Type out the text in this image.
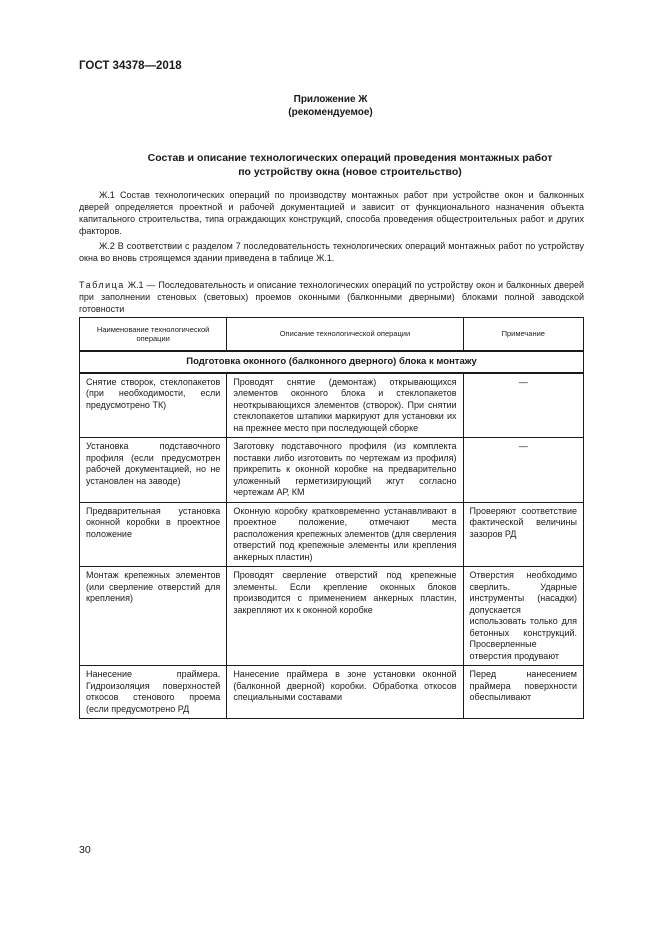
ГОСТ 34378—2018
Приложение Ж
(рекомендуемое)
Состав и описание технологических операций проведения монтажных работ
по устройству окна (новое строительство)
Ж.1 Состав технологических операций по производству монтажных работ при устройстве окон и балконных дверей определяется проектной и рабочей документацией и зависит от функционального назначения объекта капитального строительства, типа ограждающих конструкций, способа проведения общестроительных работ и других факторов.
Ж.2 В соответствии с разделом 7 последовательность технологических операций монтажных работ по устройству окна во вновь строящемся здании приведена в таблице Ж.1.
Таблица Ж.1 — Последовательность и описание технологических операций по устройству окон и балконных дверей при заполнении стеновых (световых) проемов оконными (балконными дверными) блоками полной заводской готовности
Наименование технологической операции	Описание технологической операции	Примечание
Подготовка оконного (балконного дверного) блока к монтажу		
Снятие створок, стеклопакетов (при необходимости, если предусмотрено ТК)	Проводят снятие (демонтаж) открывающихся элементов оконного блока и стеклопакетов неоткрывающихся элементов (створок). При снятии стеклопакетов штапики маркируют для установки их на прежнее место при последующей сборке	—
Установка подставочного профиля (если предусмотрен рабочей документацией, но не установлен на заводе)	Заготовку подставочного профиля (из комплекта поставки либо изготовить по чертежам из профиля) прикрепить к оконной коробке на предварительно уложенный герметизирующий жгут согласно чертежам АР, КМ	—
Предварительная установка оконной коробки в проектное положение	Оконную коробку кратковременно устанавливают в проектное положение, отмечают места расположения крепежных элементов (для сверления отверстий под крепежные элементы или крепления анкерных пластин)	Проверяют соответствие фактической величины зазоров РД
Монтаж крепежных элементов (или сверление отверстий для крепления)	Проводят сверление отверстий под крепежные элементы. Если крепление оконных блоков производится с применением анкерных пластин, закрепляют их к оконной коробке	Отверстия необходимо сверлить. Ударные инструменты (насадки) допускается использовать только для бетонных конструкций. Просверленные отверстия продувают
Нанесение праймера. Гидроизоляция поверхностей откосов стенового проема (если предусмотрено РД	Нанесение праймера в зоне установки оконной (балконной дверной) коробки. Обработка откосов специальными составами	Перед нанесением праймера поверхности обеспыливают
30
